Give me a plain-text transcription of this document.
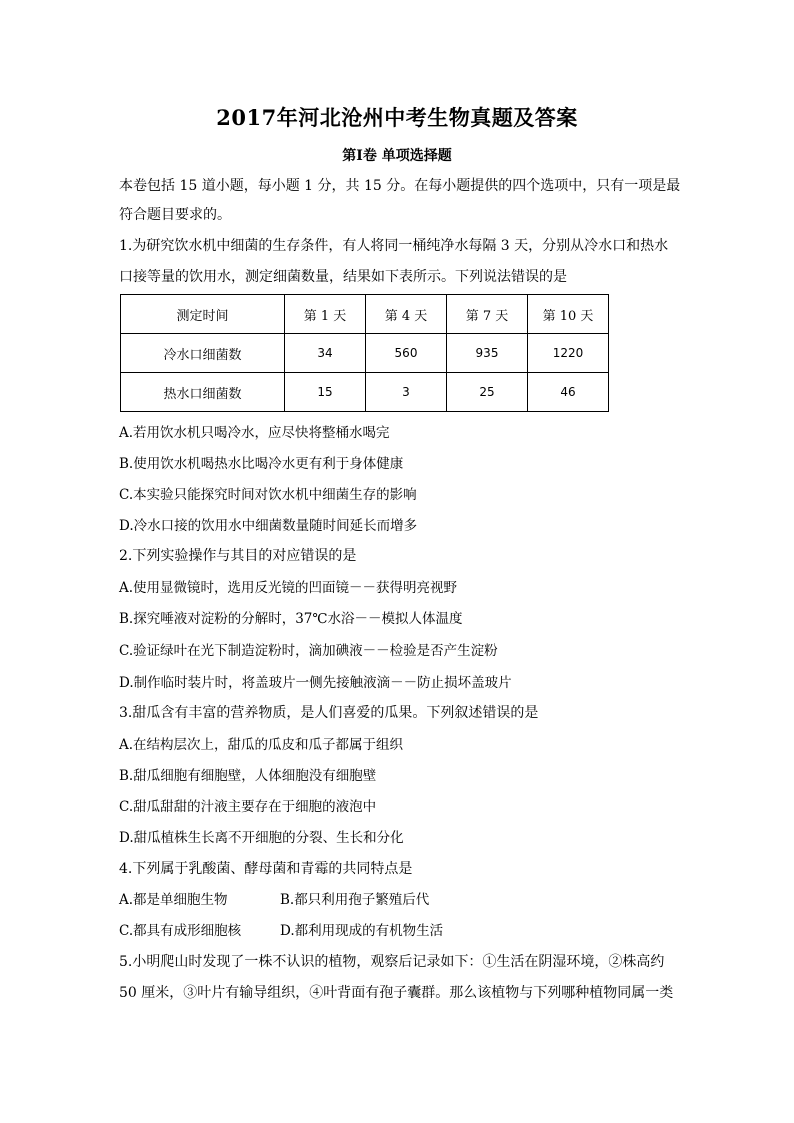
2017年河北沧州中考生物真题及答案
第Ⅰ卷 单项选择题
本卷包括 15 道小题，每小题 1 分，共 15 分。在每小题提供的四个选项中，只有一项是最
符合题目要求的。
1.为研究饮水机中细菌的生存条件，有人将同一桶纯净水每隔 3 天，分别从冷水口和热水
口接等量的饮用水，测定细菌数量，结果如下表所示。下列说法错误的是
测定时间	第 1 天	第 4 天	第 7 天	第 10 天
冷水口细菌数	34	560	935	1220
热水口细菌数	15	3	25	46
A.若用饮水机只喝冷水，应尽快将整桶水喝完
B.使用饮水机喝热水比喝冷水更有利于身体健康
C.本实验只能探究时间对饮水机中细菌生存的影响
D.冷水口接的饮用水中细菌数量随时间延长而增多
2.下列实验操作与其目的对应错误的是
A.使用显微镜时，选用反光镜的凹面镜－－获得明亮视野
B.探究唾液对淀粉的分解时，37℃水浴－－模拟人体温度
C.验证绿叶在光下制造淀粉时，滴加碘液－－检验是否产生淀粉
D.制作临时装片时，将盖玻片一侧先接触液滴－－防止损坏盖玻片
3.甜瓜含有丰富的营养物质，是人们喜爱的瓜果。下列叙述错误的是
A.在结构层次上，甜瓜的瓜皮和瓜子都属于组织
B.甜瓜细胞有细胞壁，人体细胞没有细胞壁
C.甜瓜甜甜的汁液主要存在于细胞的液泡中
D.甜瓜植株生长离不开细胞的分裂、生长和分化
4.下列属于乳酸菌、酵母菌和青霉的共同特点是
A.都是单细胞生物	B.都只利用孢子繁殖后代
C.都具有成形细胞核	D.都利用现成的有机物生活
5.小明爬山时发现了一株不认识的植物，观察后记录如下：①生活在阴湿环境，②株高约
50 厘米，③叶片有输导组织，④叶背面有孢子囊群。那么该植物与下列哪种植物同属一类
